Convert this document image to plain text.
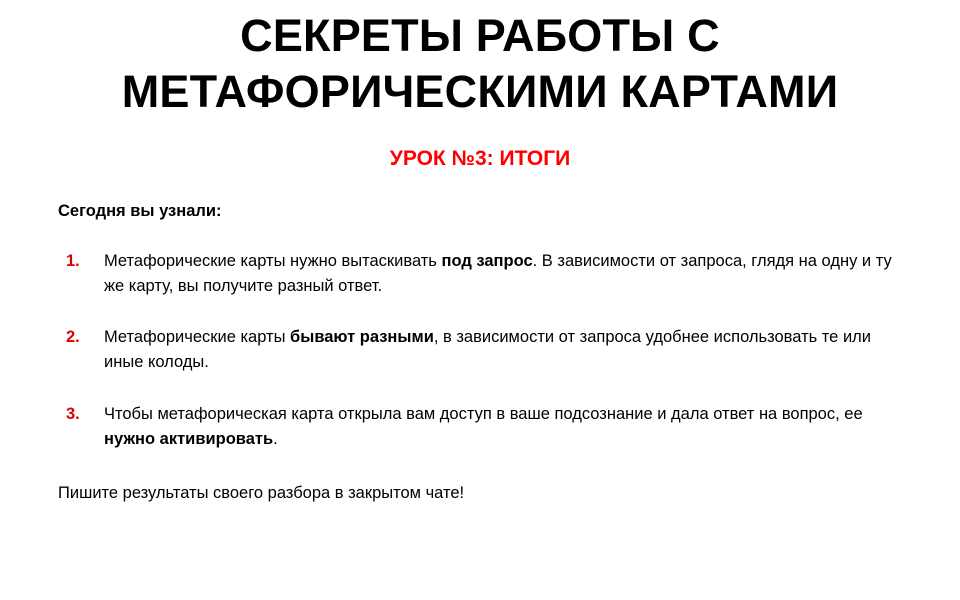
СЕКРЕТЫ РАБОТЫ С
МЕТАФОРИЧЕСКИМИ КАРТАМИ
УРОК №3: ИТОГИ
Сегодня вы узнали:
1. Метафорические карты нужно вытаскивать под запрос. В зависимости от запроса, глядя на одну и ту же карту, вы получите разный ответ.
2. Метафорические карты бывают разными, в зависимости от запроса удобнее использовать те или иные колоды.
3. Чтобы метафорическая карта открыла вам доступ в ваше подсознание и дала ответ на вопрос, ее нужно активировать.
Пишите результаты своего разбора в закрытом чате!
